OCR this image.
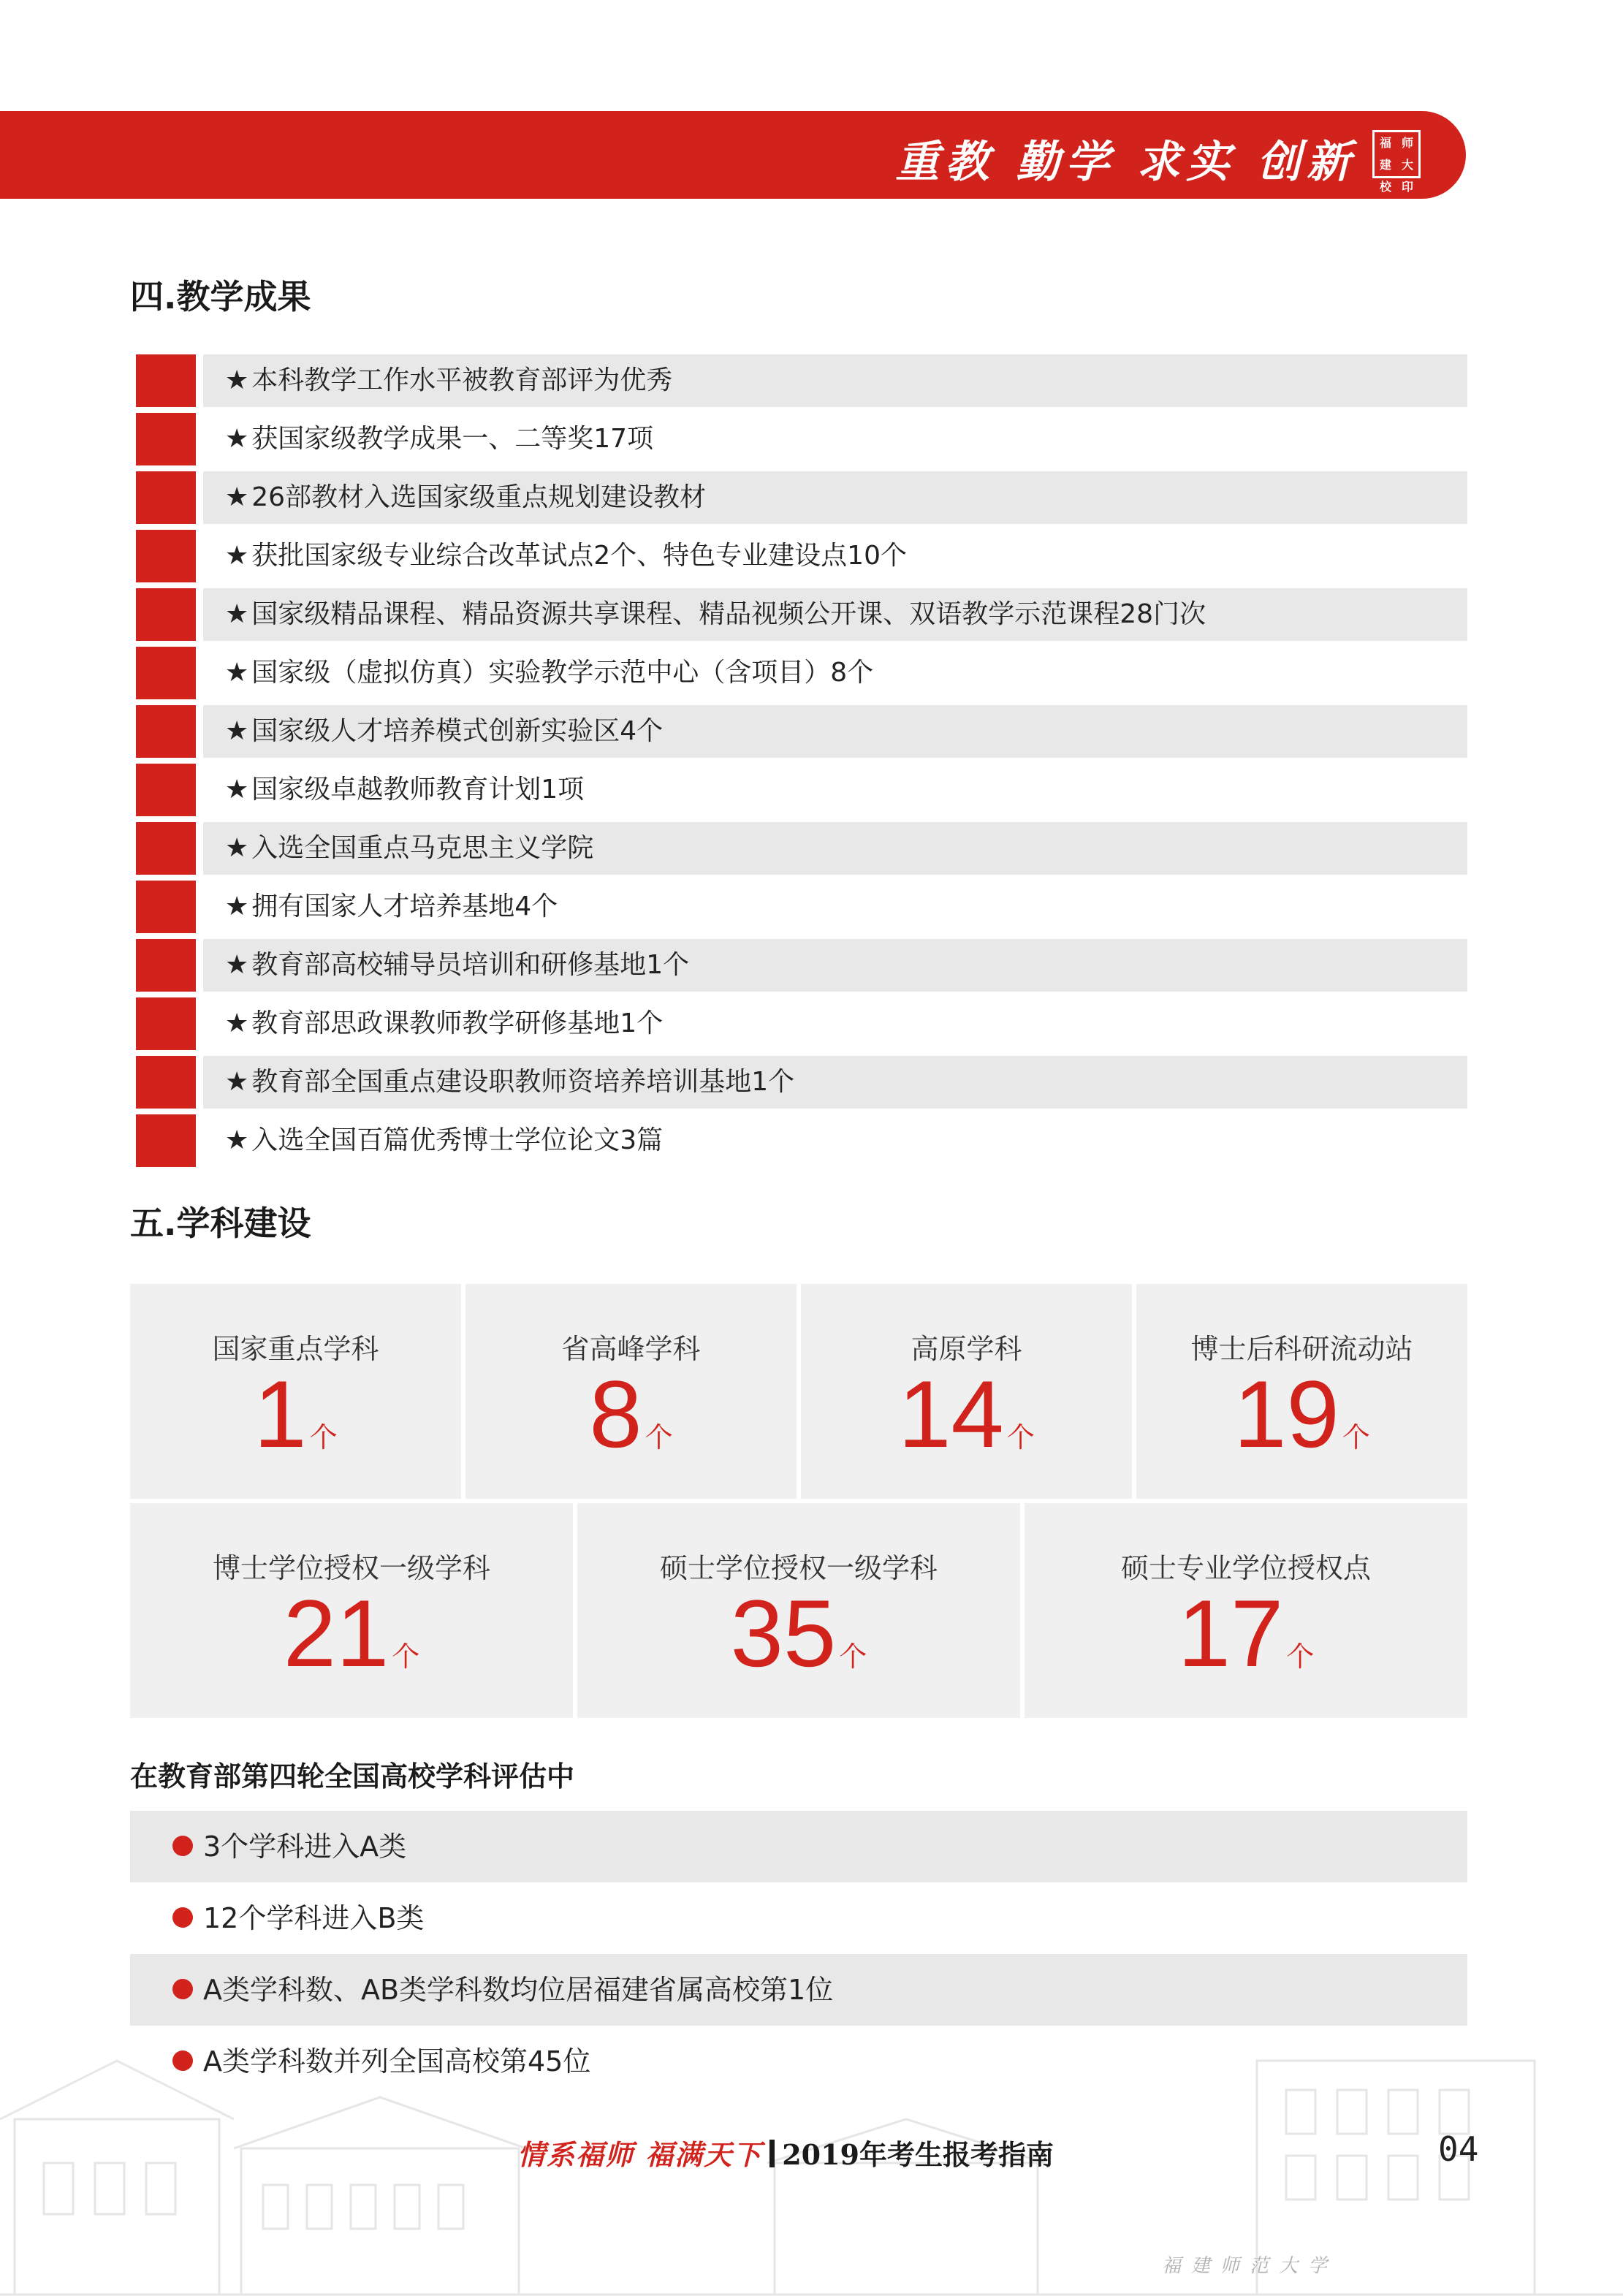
重教 勤学 求实 创新	福建
师大
校训
印
四.教学成果
★ 本科教学工作水平被教育部评为优秀
★ 获国家级教学成果一、二等奖17项
★ 26部教材入选国家级重点规划建设教材
★ 获批国家级专业综合改革试点2个、特色专业建设点10个
★ 国家级精品课程、精品资源共享课程、精品视频公开课、双语教学示范课程28门次
★ 国家级（虚拟仿真）实验教学示范中心（含项目）8个
★ 国家级人才培养模式创新实验区4个
★ 国家级卓越教师教育计划1项
★ 入选全国重点马克思主义学院
★ 拥有国家人才培养基地4个
★ 教育部高校辅导员培训和研修基地1个
★ 教育部思政课教师教学研修基地1个
★ 教育部全国重点建设职教师资培养培训基地1个
★ 入选全国百篇优秀博士学位论文3篇
五.学科建设
国家重点学科
1 个
省高峰学科
8 个
高原学科
14 个
博士后科研流动站
19 个
博士学位授权一级学科
21 个
硕士学位授权一级学科
35 个
硕士专业学位授权点
17 个
在教育部第四轮全国高校学科评估中
3个学科进入A类
12个学科进入B类
A类学科数、AB类学科数均位居福建省属高校第1位
A类学科数并列全国高校第45位
福建师范大学
情系福师 福满天下 2019年考生报考指南	04
